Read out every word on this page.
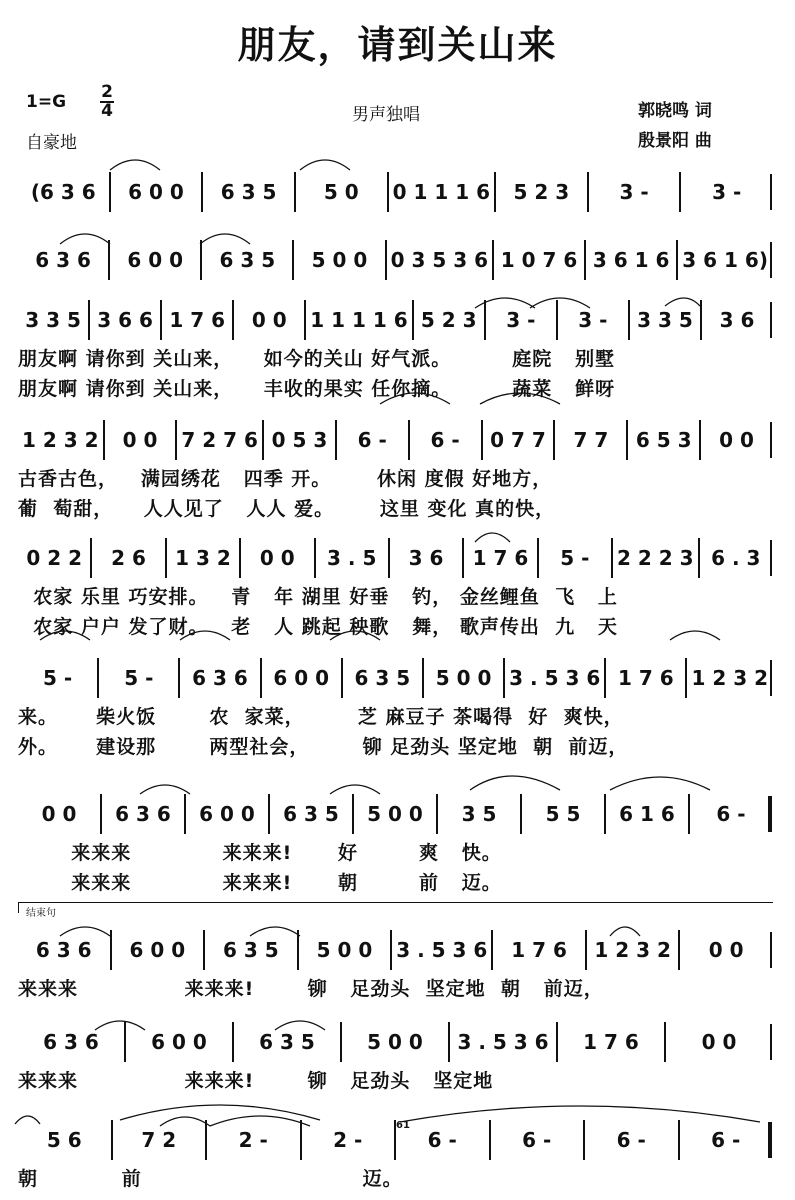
朋友，请到关山来
1=G 2
4
自豪地
男声独唱	郭晓鸣 词
殷景阳 曲
(6 3 6	6 0 0	6 3 5	5 0	0 1 1 1 6	5 2 3	3 -	3 -
6 3 6	6 0 0	6 3 5	5 0 0	0 3 5 3 6 1 0 7 6 3 6 1 6 3 6 1 6)
3 3 5 3 6 6 1 7 6	0 0	1 1 1 1 6 5 2 3	3 -	3 -	3 3 5	3 6
朋友啊 请你到 关山来，    如今的关山 好气派。        庭院   别墅
朋友啊 请你到 关山来，    丰收的果实 任你摘。        蔬菜   鲜呀
1 2 3 2	0 0	7 2 7 6 0 5 3	6 -	6 -	0 7 7	7 7	6 5 3	0 0
古香古色，   满园绣花   四季 开。      休闲 度假 好地方，
葡  萄甜，    人人见了   人人 爱。      这里 变化 真的快，
0 2 2	2 6	1 3 2	0 0	3 . 5	3 6	1 7 6	5 -	2 2 2 3 6 . 3
农家 乐里 巧安排。   青   年 湖里 好垂   钓， 金丝鲤鱼  飞   上
农家 户户 发了财。   老   人 跳起 秧歌   舞， 歌声传出  九   天
5 -	5 -	6 3 6	6 0 0	6 3 5	5 0 0 3 . 5 3 6 1 7 6 1 2 3 2
来。     柴火饭       农  家菜，       芝 麻豆子 茶喝得  好  爽快，
外。     建设那       两型社会，       铆 足劲头 坚定地  朝  前迈，
0 0	6 3 6	6 0 0	6 3 5	5 0 0	3 5	5 5	6 1 6	6 -
来来来            来来来!      好        爽   快。
来来来            来来来!      朝        前   迈。
6 3 6	6 0 0	6 3 5	5 0 0	3 . 5 3 6	1 7 6	1 2 3 2	0 0
来来来              来来来!       铆   足劲头  坚定地  朝   前迈，
6 3 6	6 0 0	6 3 5	5 0 0	3 . 5 3 6	1 7 6	0 0
来来来              来来来!       铆   足劲头   坚定地
5 6	7 2	2 -	2 -	6 -	6 -	6 -	6 -
朝           前                             迈。
结束句
61
